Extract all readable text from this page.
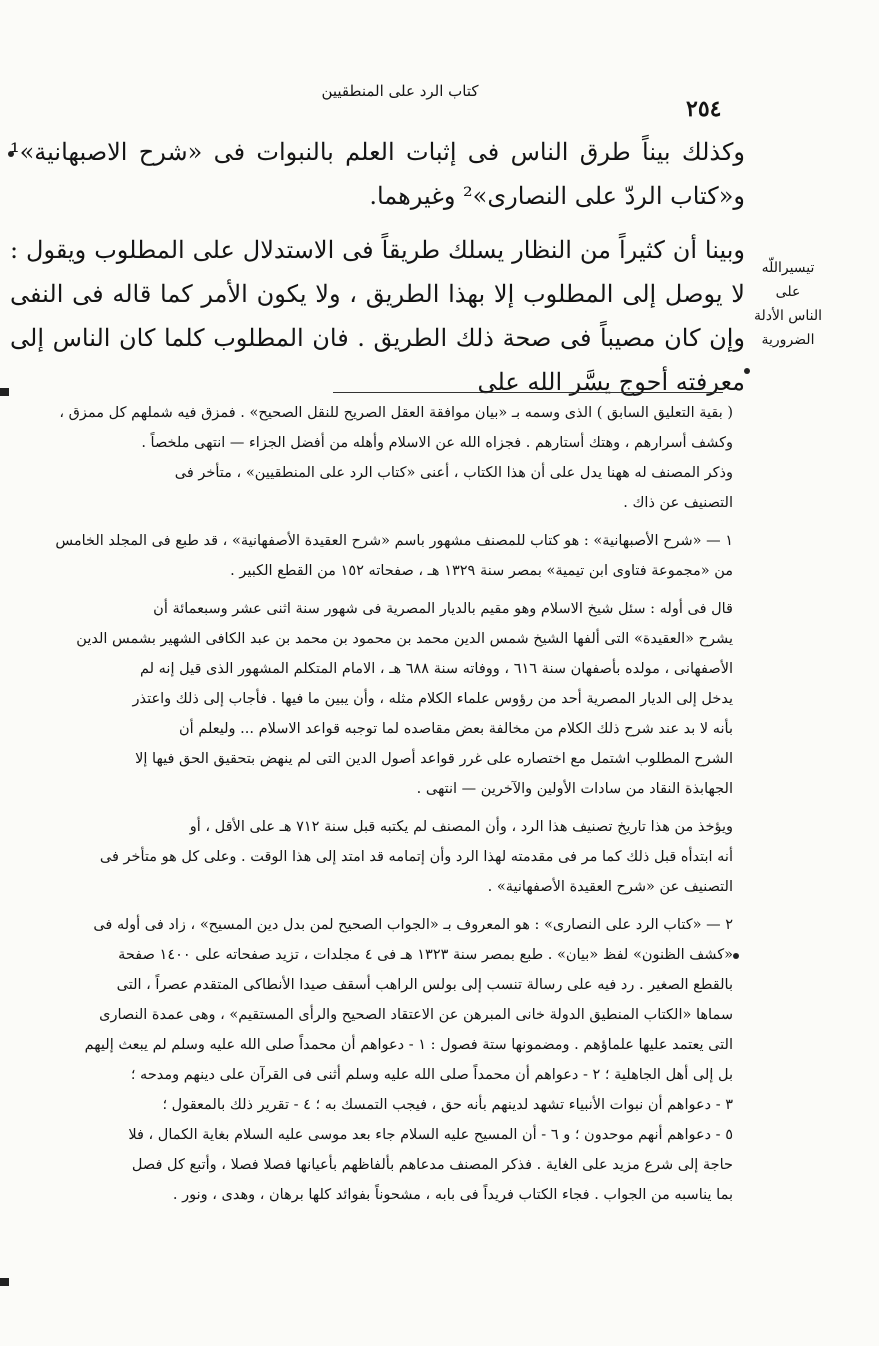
كتاب الرد على المنطقيين
٢٥٤

وكذلك بيناً طرق الناس فى إثبات العلم بالنبوات فى «شرح الاصبهانية»¹ و«كتاب الردّ على النصارى»² وغيرهما.

وبينا أن كثيراً من النظار يسلك طريقاً فى الاستدلال على المطلوب ويقول : لا يوصل إلى المطلوب إلا بهذا الطريق ، ولا يكون الأمر كما قاله فى النفى وإن كان مصيباً فى صحة ذلك الطريق . فان المطلوب كلما كان الناس إلى معرفته أحوج يسَّر الله على

تيسيراللّه على
الناس الأدلة
الضرورية

( بقية التعليق السابق ) الذى وسمه بـ «بيان موافقة العقل الصريح للنقل الصحيح» . فمزق فيه شملهم كل ممزق ،

وكشف أسرارهم ، وهتك أستارهم . فجزاه الله عن الاسلام وأهله من أفضل الجزاء — انتهى ملخصاً .

وذكر المصنف له ههنا يدل على أن هذا الكتاب ، أعنى «كتاب الرد على المنطقيين» ، متأخر فى

التصنيف عن ذاك .

١ — «شرح الأصبهانية» : هو كتاب للمصنف مشهور باسم «شرح العقيدة الأصفهانية» ، قد طبع فى المجلد الخامس

من «مجموعة فتاوى ابن تيمية» بمصر سنة ١٣٢٩ هـ ، صفحاته ١٥٢ من القطع الكبير .

قال فى أوله : سئل شيخ الاسلام وهو مقيم بالديار المصرية فى شهور سنة اثنى عشر وسبعمائة أن

يشرح «العقيدة» التى ألفها الشيخ شمس الدين محمد بن محمود بن محمد بن عبد الكافى الشهير بشمس الدين

الأصفهانى ، مولده بأصفهان سنة ٦١٦ ، ووفاته سنة ٦٨٨ هـ ، الامام المتكلم المشهور الذى قيل إنه لم

يدخل إلى الديار المصرية أحد من رؤوس علماء الكلام مثله ، وأن يبين ما فيها . فأجاب إلى ذلك واعتذر

بأنه لا بد عند شرح ذلك الكلام من مخالفة بعض مقاصده لما توجبه قواعد الاسلام ... وليعلم أن

الشرح المطلوب اشتمل مع اختصاره على غرر قواعد أصول الدين التى لم ينهض بتحقيق الحق فيها إلا

الجهابذة النقاد من سادات الأولين والآخرين — انتهى .

ويؤخذ من هذا تاريخ تصنيف هذا الرد ، وأن المصنف لم يكتبه قبل سنة ٧١٢ هـ على الأقل ، أو

أنه ابتدأه قبل ذلك كما مر فى مقدمته لهذا الرد وأن إتمامه قد امتد إلى هذا الوقت . وعلى كل هو متأخر فى

التصنيف عن «شرح العقيدة الأصفهانية» .

٢ — «كتاب الرد على النصارى» : هو المعروف بـ «الجواب الصحيح لمن بدل دين المسيح» ، زاد فى أوله فى

«كشف الظنون» لفظ «بيان» . طبع بمصر سنة ١٣٢٣ هـ فى ٤ مجلدات ، تزيد صفحاته على ١٤٠٠ صفحة

بالقطع الصغير . رد فيه على رسالة تنسب إلى بولس الراهب أسقف صيدا الأنطاكى المتقدم عصراً ، التى

سماها «الكتاب المنطيق الدولة خانى المبرهن عن الاعتقاد الصحيح والرأى المستقيم» ، وهى عمدة النصارى

التى يعتمد عليها علماؤهم . ومضمونها ستة فصول : ١ - دعواهم أن محمداً صلى الله عليه وسلم لم يبعث إليهم

بل إلى أهل الجاهلية ؛ ٢ - دعواهم أن محمداً صلى الله عليه وسلم أثنى فى القرآن على دينهم ومدحه ؛

٣ - دعواهم أن نبوات الأنبياء تشهد لدينهم بأنه حق ، فيجب التمسك به ؛ ٤ - تقرير ذلك بالمعقول ؛

٥ - دعواهم أنهم موحدون ؛ و ٦ - أن المسيح عليه السلام جاء بعد موسى عليه السلام بغاية الكمال ، فلا

حاجة إلى شرع مزيد على الغاية . فذكر المصنف مدعاهم بألفاظهم بأعيانها فصلا فصلا ، وأتبع كل فصل

بما يناسبه من الجواب . فجاء الكتاب فريداً فى بابه ، مشحوناً بفوائد كلها برهان ، وهدى ، ونور .
